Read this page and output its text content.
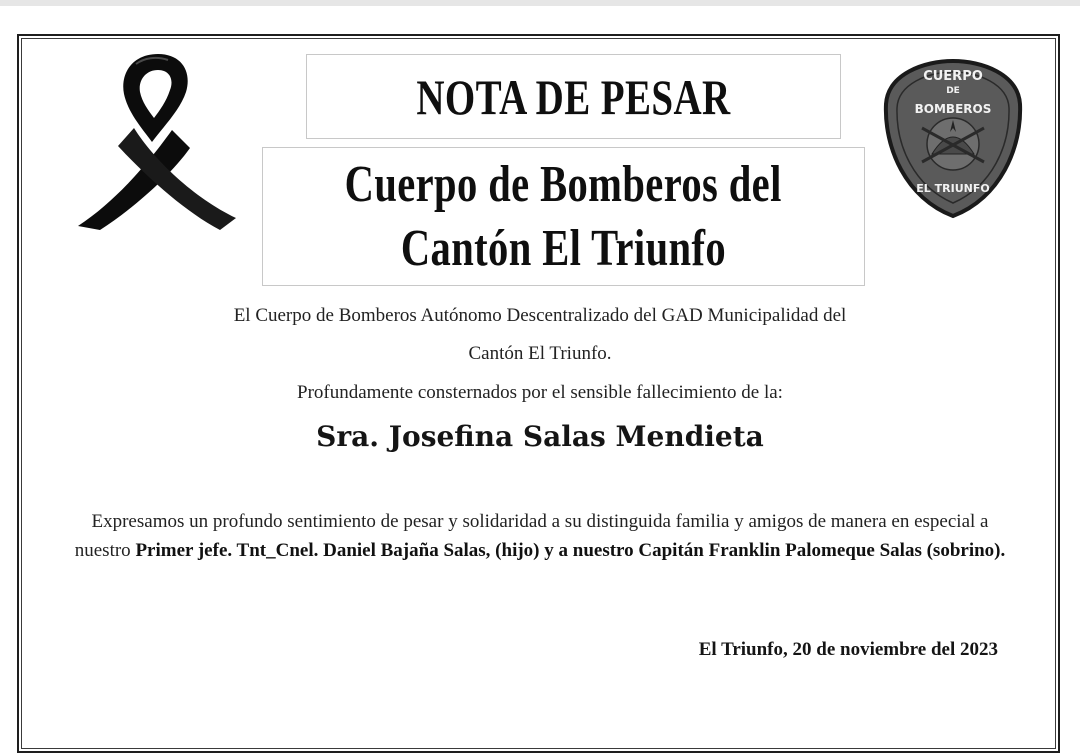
CUERPO
DE
BOMBEROS
EL TRIUNFO
NOTA DE PESAR
Cuerpo de Bomberos del
Cantón El Triunfo
El Cuerpo de Bomberos Autónomo Descentralizado del GAD Municipalidad del
Cantón El Triunfo.
Profundamente consternados por el sensible fallecimiento de la:
Sra. Josefina Salas Mendieta
Expresamos un profundo sentimiento de pesar y solidaridad a su distinguida familia y amigos de manera en especial a nuestro Primer jefe. Tnt_Cnel. Daniel Bajaña Salas, (hijo) y a nuestro Capitán Franklin Palomeque Salas (sobrino).
El Triunfo, 20 de noviembre del 2023
